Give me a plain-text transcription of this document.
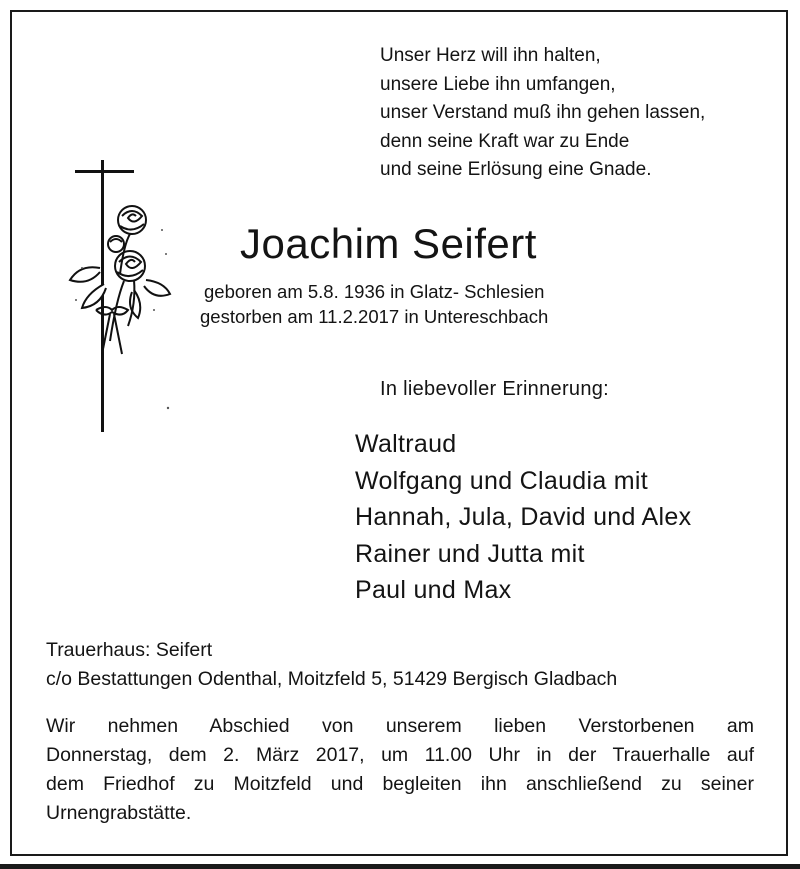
Unser Herz will ihn halten,
unsere Liebe ihn umfangen,
unser Verstand muß ihn gehen lassen,
denn seine Kraft war zu Ende
und seine Erlösung eine Gnade.
Joachim Seifert
geboren am 5.8. 1936 in Glatz- Schlesien
gestorben am 11.2.2017 in Untereschbach
In liebevoller Erinnerung:
Waltraud
Wolfgang und Claudia mit
Hannah, Jula, David und Alex
Rainer und Jutta mit
Paul und Max
Trauerhaus: Seifert
c/o Bestattungen Odenthal, Moitzfeld 5, 51429 Bergisch Gladbach
Wir nehmen Abschied von unserem lieben Verstorbenen am
Donnerstag, dem 2. März 2017, um 11.00 Uhr in der Trauerhalle auf
dem Friedhof zu Moitzfeld und begleiten ihn anschließend zu seiner
Urnengrabstätte.
